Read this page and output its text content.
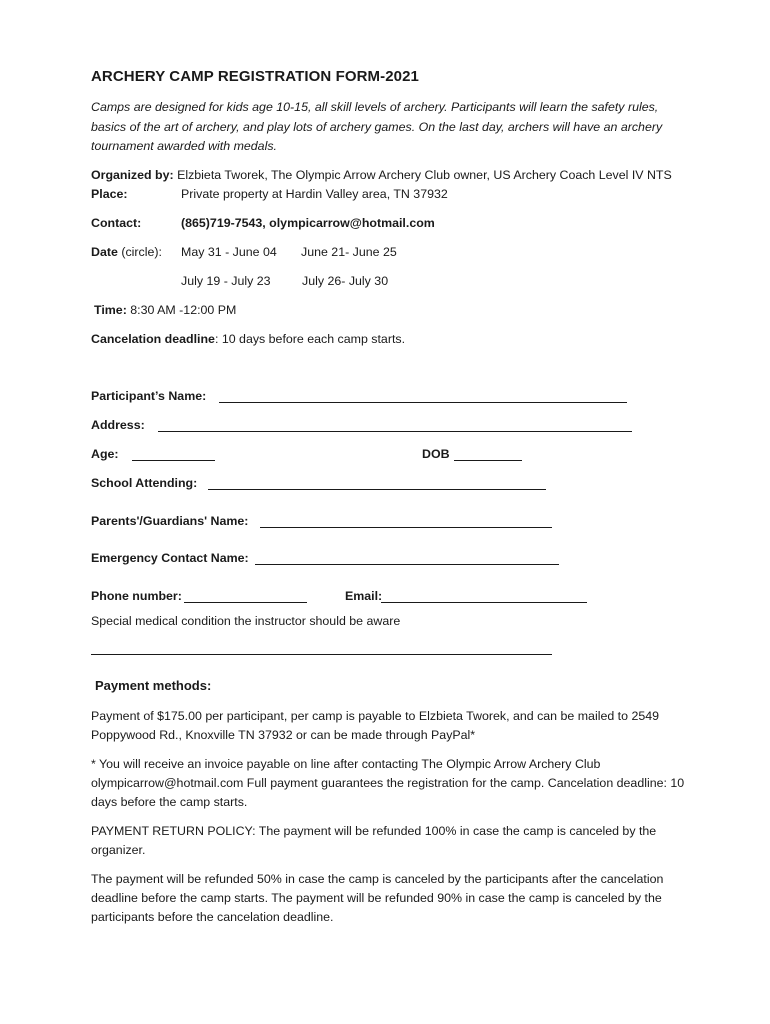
ARCHERY CAMP REGISTRATION FORM-2021
Camps are designed for kids age 10-15, all skill levels of archery. Participants will learn the safety rules, basics of the art of archery, and play lots of archery games. On the last day, archers will have an archery tournament awarded with medals.
Organized by: Elzbieta Tworek, The Olympic Arrow Archery Club owner, US Archery Coach Level IV NTS
Place:	Private property at Hardin Valley area, TN 37932
Contact:	(865)719-7543, olympicarrow@hotmail.com
Date (circle): May 31 - June 04 June 21- June 25
July 19 - July 23	July 26- July 30
Time: 8:30 AM -12:00 PM
Cancelation deadline: 10 days before each camp starts.
Participant’s Name:
Address:
Age:	DOB
School Attending:
Parents'/Guardians' Name:
Emergency Contact Name:
Phone number:	Email:
Special medical condition the instructor should be aware
Payment methods:
Payment of $175.00 per participant, per camp is payable to Elzbieta Tworek, and can be mailed to 2549 Poppywood Rd., Knoxville TN 37932 or can be made through PayPal*
* You will receive an invoice payable on line after contacting The Olympic Arrow Archery Club olympicarrow@hotmail.com Full payment guarantees the registration for the camp. Cancelation deadline: 10 days before the camp starts.
PAYMENT RETURN POLICY: The payment will be refunded 100% in case the camp is canceled by the organizer.
The payment will be refunded 50% in case the camp is canceled by the participants after the cancelation deadline before the camp starts. The payment will be refunded 90% in case the camp is canceled by the participants before the cancelation deadline.
